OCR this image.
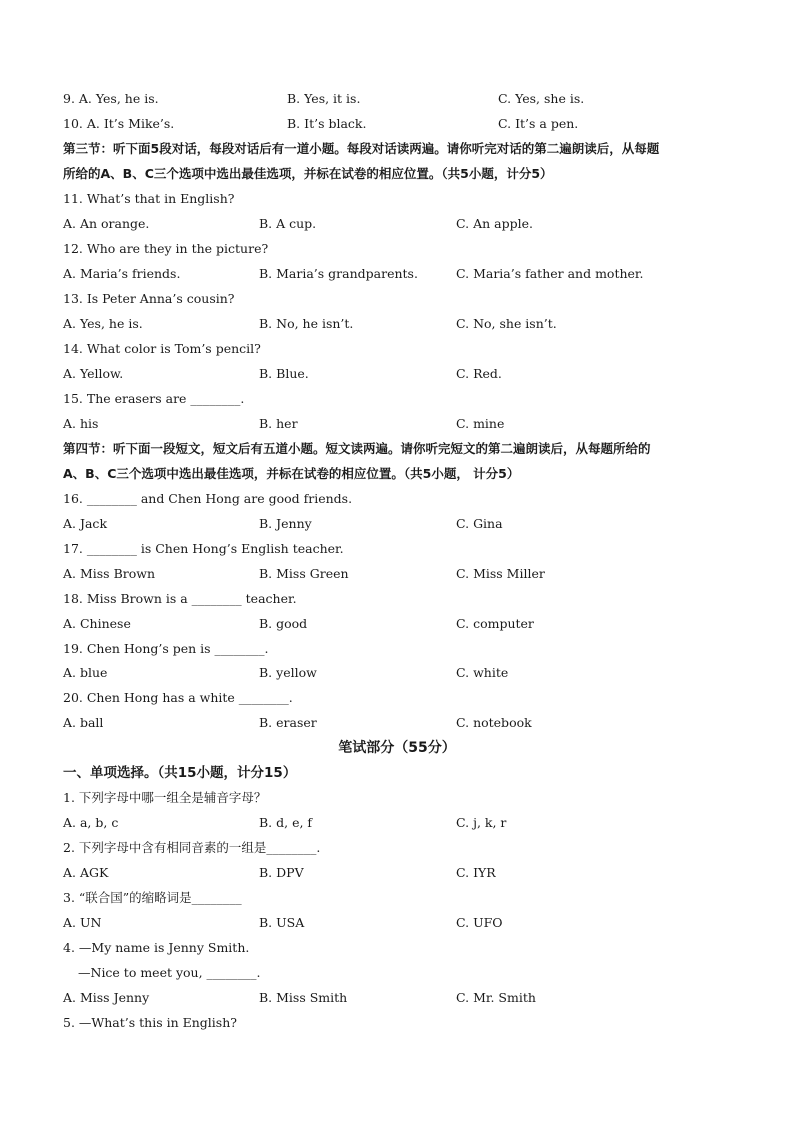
9. A. Yes, he is.	B. Yes, it is.	C. Yes, she is.
10. A. It’s Mike’s.	B. It’s black.	C. It’s a pen.
第三节：听下面5段对话，每段对话后有一道小题。每段对话读两遍。请你听完对话的第二遍朗读后，从每题
所给的A、B、C三个选项中选出最佳选项，并标在试卷的相应位置。（共5小题，计分5）
11. What’s that in English?
A. An orange.	B. A cup.	C. An apple.
12. Who are they in the picture?
A. Maria’s friends.	B. Maria’s grandparents.	C. Maria’s father and mother.
13. Is Peter Anna’s cousin?
A. Yes, he is.	B. No, he isn’t.	C. No, she isn’t.
14. What color is Tom’s pencil?
A. Yellow.	B. Blue.	C. Red.
15. The erasers are ________.
A. his	B. her	C. mine
第四节：听下面一段短文，短文后有五道小题。短文读两遍。请你听完短文的第二遍朗读后，从每题所给的
A、B、C三个选项中选出最佳选项，并标在试卷的相应位置。（共5小题， 计分5）
16. ________ and Chen Hong are good friends.
A. Jack	B. Jenny	C. Gina
17. ________ is Chen Hong’s English teacher.
A. Miss Brown	B. Miss Green	C. Miss Miller
18. Miss Brown is a ________ teacher.
A. Chinese	B. good	C. computer
19. Chen Hong’s pen is ________.
A. blue	B. yellow	C. white
20. Chen Hong has a white ________.
A. ball	B. eraser	C. notebook
笔试部分（55分）
一、单项选择。（共15小题，计分15）
1. 下列字母中哪一组全是辅音字母？
A. a, b, c	B. d, e, f	C. j, k, r
2. 下列字母中含有相同音素的一组是________.
A. AGK	B. DPV	C. IYR
3. “联合国”的缩略词是________
A. UN	B. USA	C. UFO
4. —My name is Jenny Smith.
—Nice to meet you, ________.
A. Miss Jenny	B. Miss Smith	C. Mr. Smith
5. —What’s this in English?
